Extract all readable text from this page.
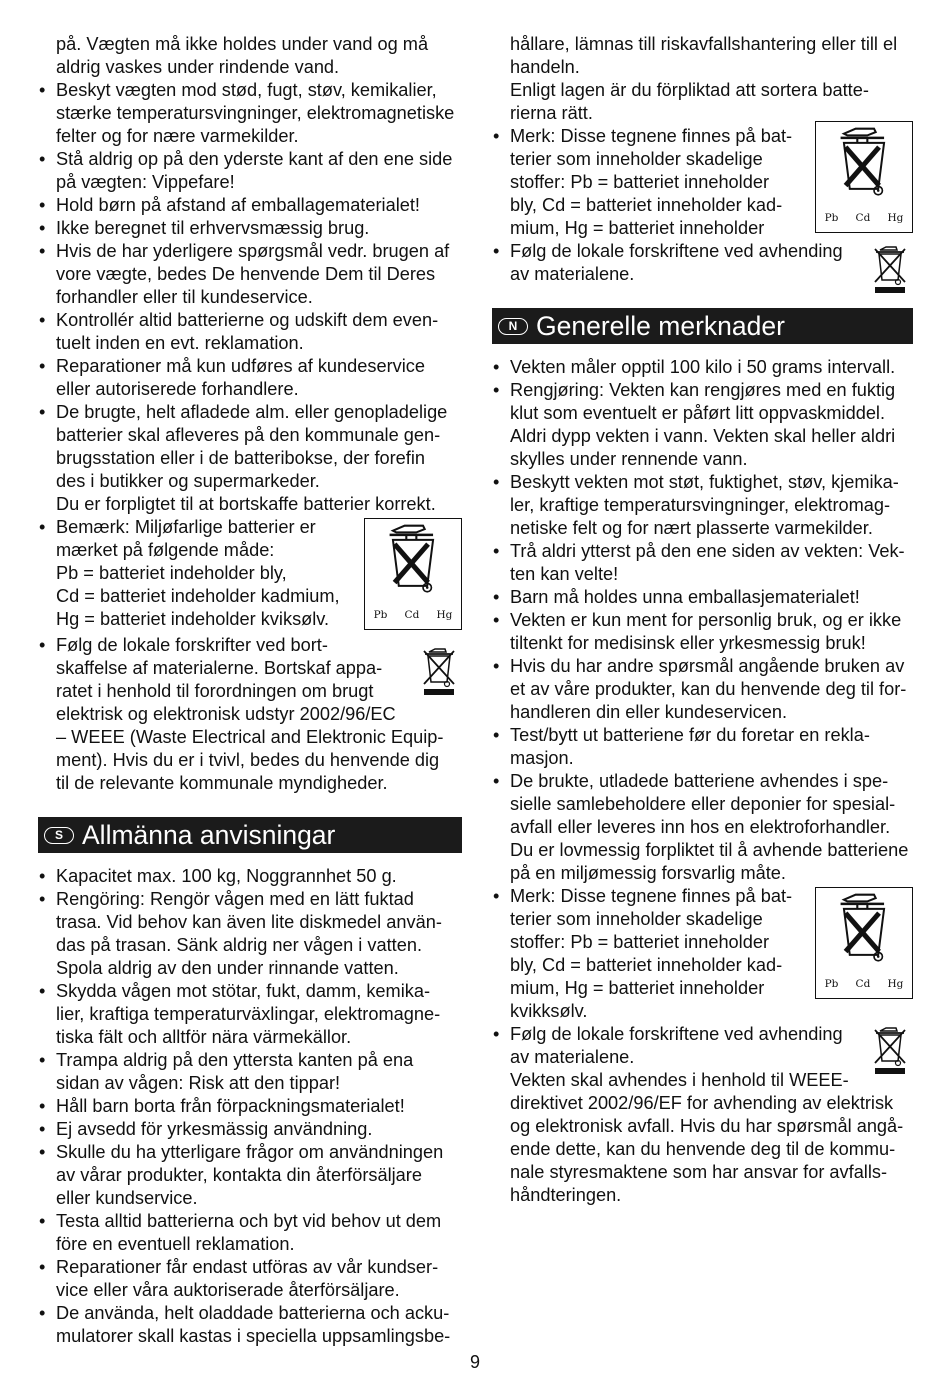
på. Vægten må ikke holdes under vand og må
aldrig vaskes under rindende vand.
• Beskyt vægten mod stød, fugt, støv, kemikalier,
stærke temperatursvingninger, elektromagnetiske
felter og for nære varmekilder.
• Stå aldrig op på den yderste kant af den ene side
på vægten: Vippefare!
• Hold børn på afstand af emballagematerialet!
• Ikke beregnet til erhvervsmæssig brug.
• Hvis de har yderligere spørgsmål vedr. brugen af
vore vægte, bedes De henvende Dem til Deres
forhandler eller til kundeservice.
• Kontrollér altid batterierne og udskift dem even-
tuelt inden en evt. reklamation.
• Reparationer må kun udføres af kundeservice
eller autoriserede forhandlere.
• De brugte, helt afladede alm. eller genopladelige
batterier skal afleveres på den kommunale gen-
brugsstation eller i de batteribokse, der forefin
des i butikker og supermarkeder.
Du er forpligtet til at bortskaffe batterier korrekt.
• Pb Cd Hg
Bemærk: Miljøfarlige batterier er
mærket på følgende måde:
Pb = batteriet indeholder bly,
Cd = batteriet indeholder kadmium,
Hg = batteriet indeholder kviksølv.
• Følg de lokale forskrifter ved bort-
skaffelse af materialerne. Bortskaf appa-
ratet i henhold til forordningen om brugt
elektrisk og elektronisk udstyr 2002/96/EC
– WEEE (Waste Electrical and Elektronic Equip-
ment). Hvis du er i tvivl, bedes du henvende dig
til de relevante kommunale myndigheder.
S Allmänna anvisningar
• Kapacitet max. 100 kg, Noggrannhet 50 g.
• Rengöring: Rengör vågen med en lätt fuktad
trasa. Vid behov kan även lite diskmedel använ-
das på trasan. Sänk aldrig ner vågen i vatten.
Spola aldrig av den under rinnande vatten.
• Skydda vågen mot stötar, fukt, damm, kemika-
lier, kraftiga temperaturväxlingar, elektromagne-
tiska fält och alltför nära värmekällor.
• Trampa aldrig på den yttersta kanten på ena
sidan av vågen: Risk att den tippar!
• Håll barn borta från förpackningsmaterialet!
• Ej avsedd för yrkesmässig användning.
• Skulle du ha ytterligare frågor om användningen
av vårar produkter, kontakta din återförsäljare
eller kundservice.
• Testa alltid batterierna och byt vid behov ut dem
före en eventuell reklamation.
• Reparationer får endast utföras av vår kundser-
vice eller våra auktoriserade återförsäljare.
• De använda, helt oladdade batterierna och acku-
mulatorer skall kastas i speciella uppsamlingsbe-
hållare, lämnas till riskavfallshantering eller till el
handeln.
Enligt lagen är du förpliktad att sortera batte-
rierna rätt.
• Pb Cd Hg
Merk: Disse tegnene finnes på bat-
terier som inneholder skadelige
stoffer: Pb = batteriet inneholder
bly, Cd = batteriet inneholder kad-
mium, Hg = batteriet inneholder
• Følg de lokale forskriftene ved avhending
av materialene.
N Generelle merknader
• Vekten måler opptil 100 kilo i 50 grams intervall.
• Rengjøring: Vekten kan rengjøres med en fuktig
klut som eventuelt er påført litt oppvaskmiddel.
Aldri dypp vekten i vann. Vekten skal heller aldri
skylles under rennende vann.
• Beskytt vekten mot støt, fuktighet, støv, kjemika-
ler, kraftige temperatursvingninger, elektromag-
netiske felt og for nært plasserte varmekilder.
• Trå aldri ytterst på den ene siden av vekten: Vek-
ten kan velte!
• Barn må holdes unna emballasjematerialet!
• Vekten er kun ment for personlig bruk, og er ikke
tiltenkt for medisinsk eller yrkesmessig bruk!
• Hvis du har andre spørsmål angående bruken av
et av våre produkter, kan du henvende deg til for-
handleren din eller kundeservicen.
• Test/bytt ut batteriene før du foretar en rekla-
masjon.
• De brukte, utladede batteriene avhendes i spe-
sielle samlebeholdere eller deponier for spesial-
avfall eller leveres inn hos en elektroforhandler.
Du er lovmessig forpliktet til å avhende batteriene
på en miljømessig forsvarlig måte.
• Pb Cd Hg
Merk: Disse tegnene finnes på bat-
terier som inneholder skadelige
stoffer: Pb = batteriet inneholder
bly, Cd = batteriet inneholder kad-
mium, Hg = batteriet inneholder
kvikksølv.
• Følg de lokale forskriftene ved avhending
av materialene.
Vekten skal avhendes i henhold til WEEE-
direktivet 2002/96/EF for avhending av elektrisk
og elektronisk avfall. Hvis du har spørsmål angå-
ende dette, kan du henvende deg til de kommu-
nale styresmaktene som har ansvar for avfalls-
håndteringen.
9
